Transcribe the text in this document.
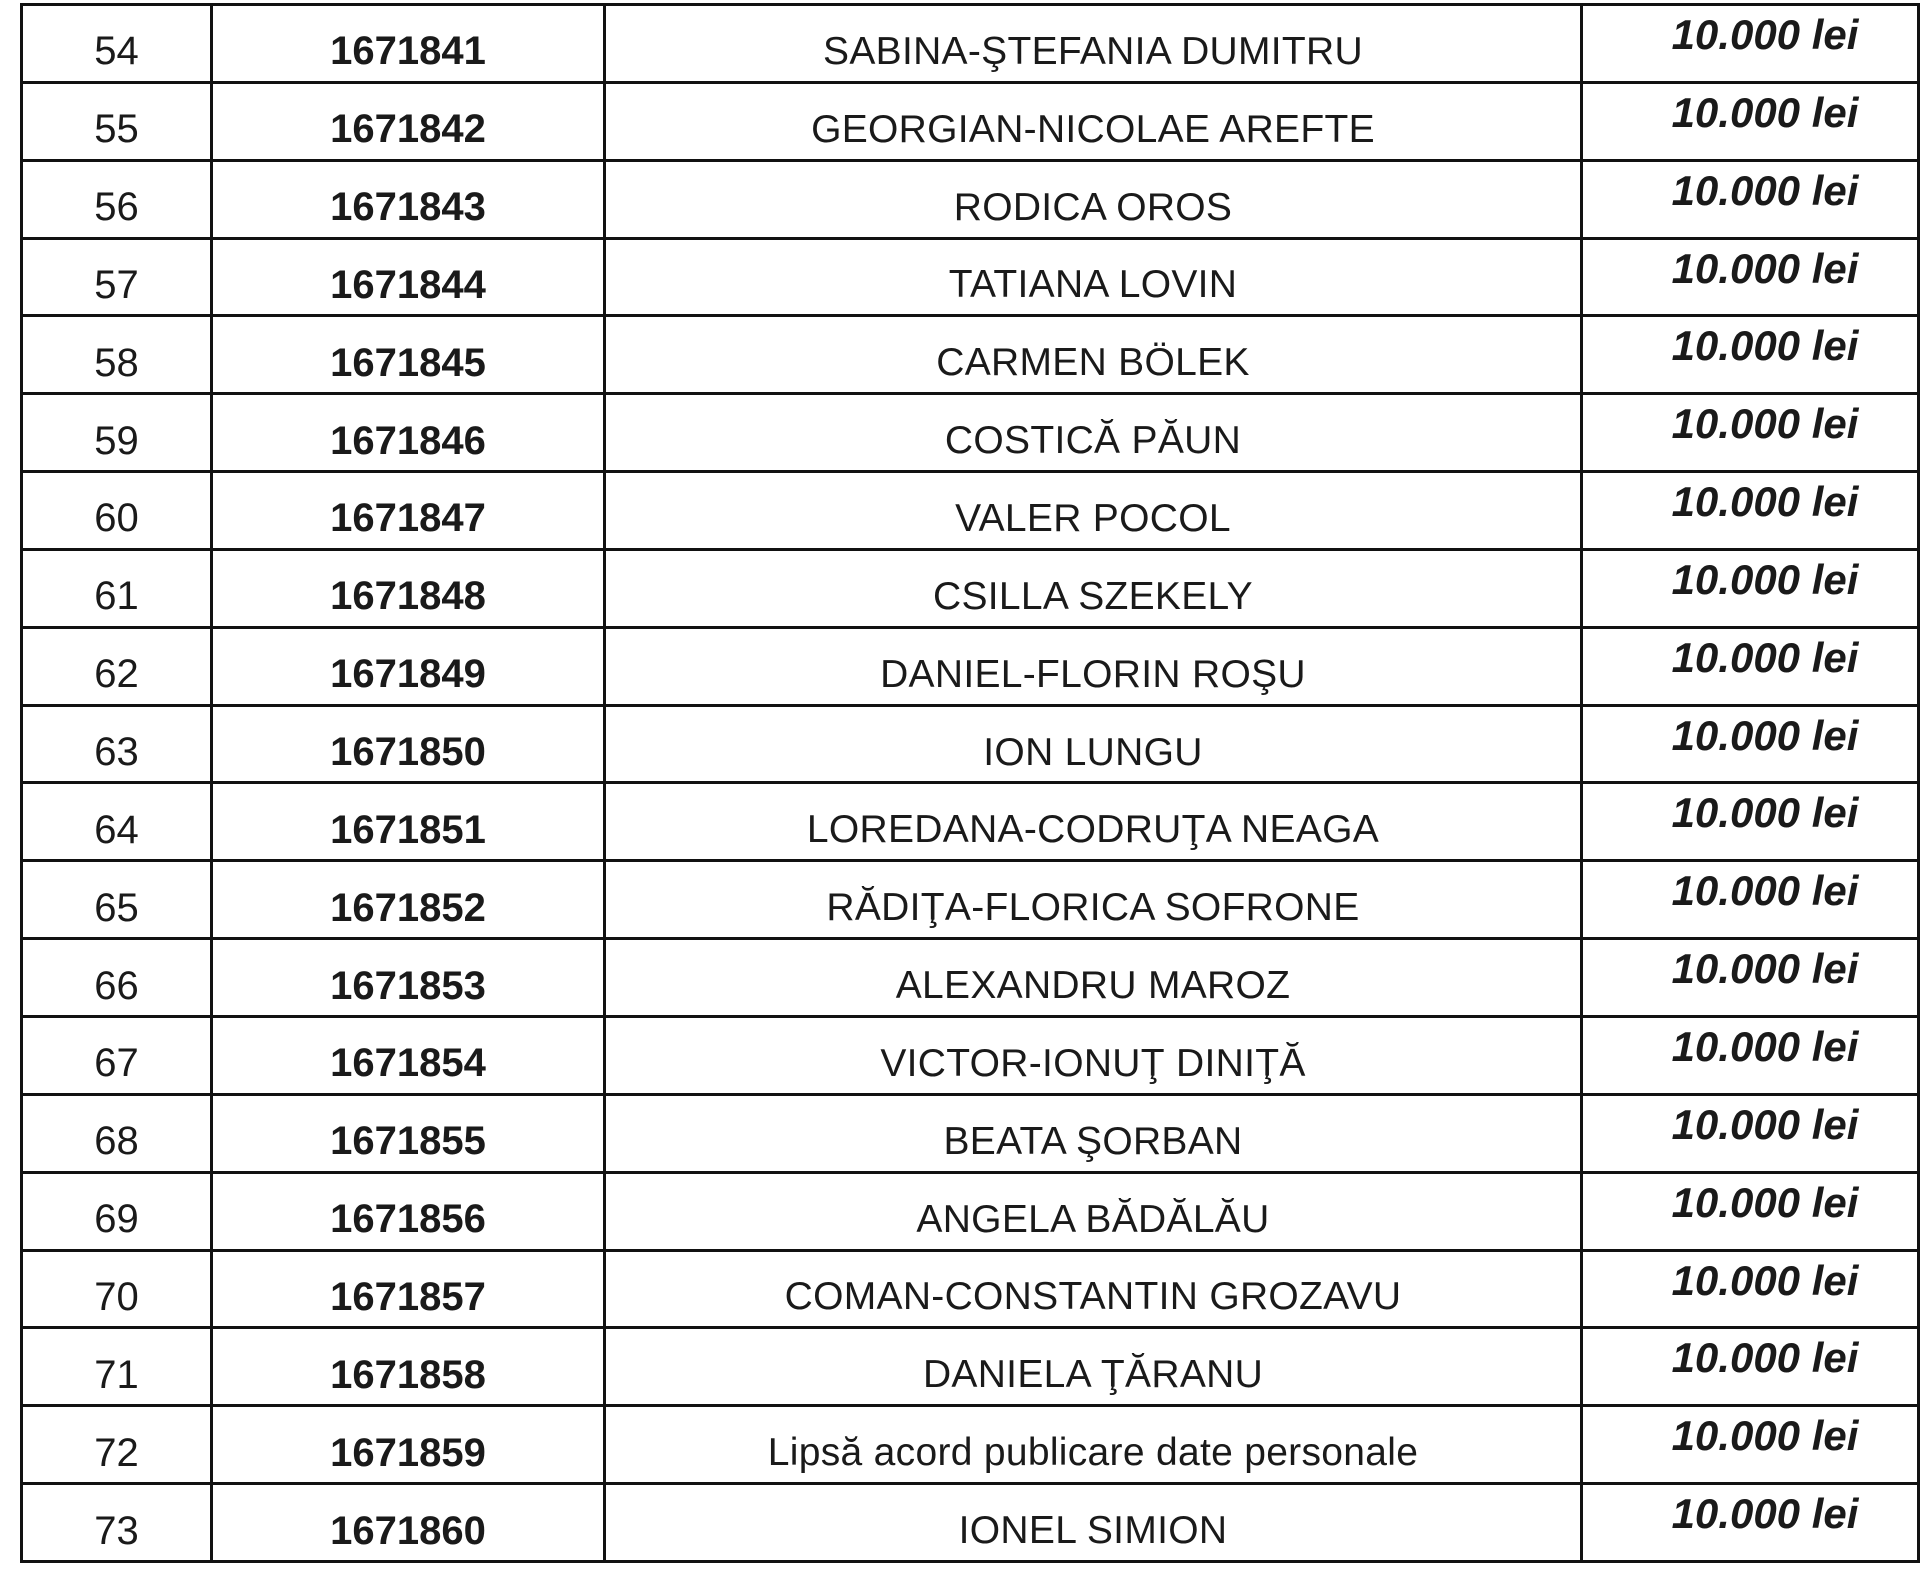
54	1671841	SABINA-ŞTEFANIA DUMITRU	10.000 lei
55	1671842	GEORGIAN-NICOLAE AREFTE	10.000 lei
56	1671843	RODICA OROS	10.000 lei
57	1671844	TATIANA LOVIN	10.000 lei
58	1671845	CARMEN BÖLEK	10.000 lei
59	1671846	COSTICĂ PĂUN	10.000 lei
60	1671847	VALER POCOL	10.000 lei
61	1671848	CSILLA SZEKELY	10.000 lei
62	1671849	DANIEL-FLORIN ROŞU	10.000 lei
63	1671850	ION LUNGU	10.000 lei
64	1671851	LOREDANA-CODRUŢA NEAGA	10.000 lei
65	1671852	RĂDIŢA-FLORICA SOFRONE	10.000 lei
66	1671853	ALEXANDRU MAROZ	10.000 lei
67	1671854	VICTOR-IONUŢ DINIŢĂ	10.000 lei
68	1671855	BEATA ŞORBAN	10.000 lei
69	1671856	ANGELA BĂDĂLĂU	10.000 lei
70	1671857	COMAN-CONSTANTIN GROZAVU	10.000 lei
71	1671858	DANIELA ŢĂRANU	10.000 lei
72	1671859	Lipsă acord publicare date personale	10.000 lei
73	1671860	IONEL SIMION	10.000 lei
